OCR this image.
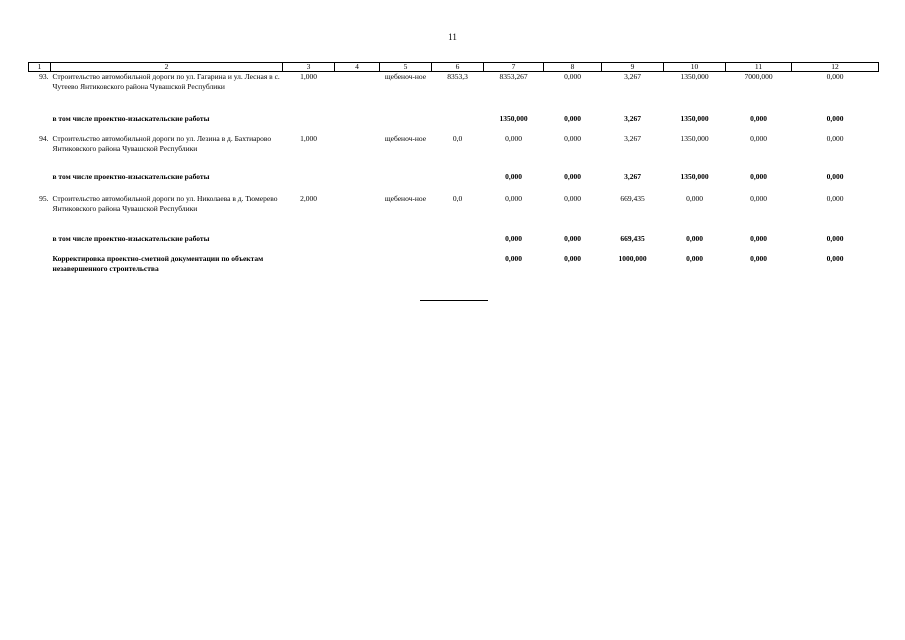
11
1	2	3	4	5	6	7	8	9	10	11	12
93.	Строительство автомобильной дороги по ул. Гагарина и ул. Лесная в с. Чутеево Янтиковского района Чувашской Республики	1,000		щебеноч-ное	8353,3	8353,267	0,000	3,267	1350,000	7000,000	0,000
	в том числе проектно-изыскательские работы					1350,000	0,000	3,267	1350,000	0,000	0,000
94.	Строительство автомобильной дороги по ул. Лезина в д. Бахтиарово Янтиковского района Чувашской Республики	1,000		щебеноч-ное	0,0	0,000	0,000	3,267	1350,000	0,000	0,000
	в том числе проектно-изыскательские работы					0,000	0,000	3,267	1350,000	0,000	0,000
95.	Строительство автомобильной дороги по ул. Николаева в д. Тюмерево Янтиковского района Чувашской Республики	2,000		щебеноч-ное	0,0	0,000	0,000	669,435	0,000	0,000	0,000
	в том числе проектно-изыскательские работы					0,000	0,000	669,435	0,000	0,000	0,000
	Корректировка проектно-сметной документации по объектам незавершенного строительства					0,000	0,000	1000,000	0,000	0,000	0,000
